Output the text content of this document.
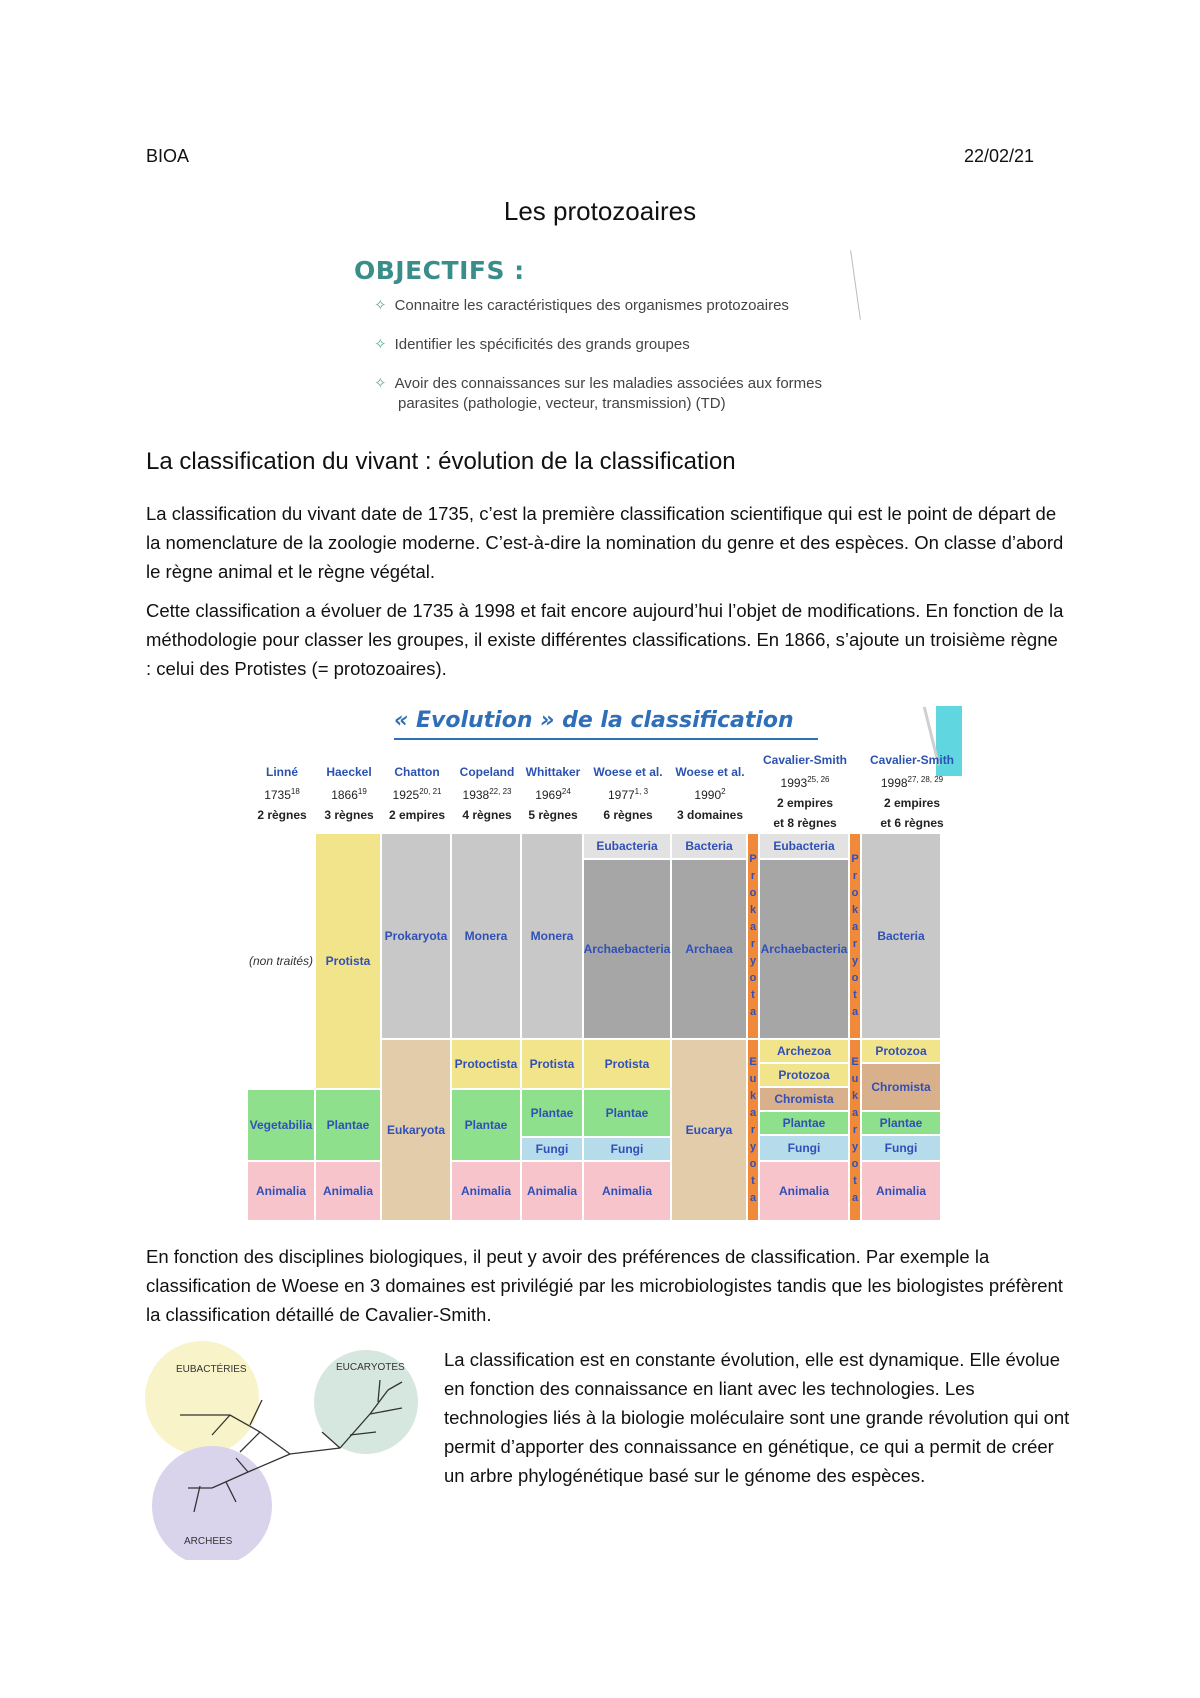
BIOA	22/02/21
Les protozoaires
OBJECTIFS :
✧ Connaitre les caractéristiques des organismes protozoaires
✧ Identifier les spécificités des grands groupes
✧ Avoir des connaissances sur les maladies associées aux formes
parasites (pathologie, vecteur, transmission) (TD)
La classification du vivant : évolution de la classification

La classification du vivant date de 1735, c’est la première classification scientifique qui est le point de départ de la nomenclature de la zoologie moderne. C’est-à-dire la nomination du genre et des espèces. On classe d’abord le règne animal et le règne végétal.

Cette classification a évoluer de 1735 à 1998 et fait encore aujourd’hui l’objet de modifications. En fonction de la méthodologie pour classer les groupes, il existe différentes classifications. En 1866, s’ajoute un troisième règne : celui des Protistes (= protozoaires).

« Evolution » de la classification
Linné
1735$^{18}$
2 règnes
Haeckel
1866$^{19}$
3 règnes
Chatton
1925$^{20, 21}$
2 empires
Copeland
1938$^{22, 23}$
4 règnes
Whittaker
1969$^{24}$
5 règnes
Woese et al.
1977$^{1, 3}$
6 règnes
Woese et al.
1990$^2$
3 domaines
Cavalier-Smith
1993$^{25, 26}$
2 empires
et 8 règnes
Cavalier-Smith
1998$^{27, 28, 29}$
2 empires
et 6 règnes
(non traités)
Vegetabilia
Animalia
Protista
Plantae
Animalia
Prokaryota
Eukaryota
Monera
Protoctista
Plantae
Animalia
Monera
Protista
Plantae
Fungi
Animalia
Eubacteria
Archaebacteria
Protista
Plantae
Fungi
Animalia
Bacteria
Archaea
Eucarya
P
r
o
k
a
r
y
o
t
a
E
u
k
a
r
y
o
t
a
Eubacteria
Archaebacteria
Archezoa
Protozoa
Chromista
Plantae
Fungi
Animalia
P
r
o
k
a
r
y
o
t
a
E
u
k
a
r
y
o
t
a
Bacteria
Protozoa
Chromista
Plantae
Fungi
Animalia

En fonction des disciplines biologiques, il peut y avoir des préférences de classification. Par exemple la classification de Woese en 3 domaines est privilégié par les microbiologistes tandis que les biologistes préfèrent la classification détaillé de Cavalier-Smith.

EUBACTÉRIES	EUCARYOTES
ARCHEES
La classification est en constante évolution, elle est dynamique. Elle évolue en fonction des connaissance en liant avec les technologies. Les technologies liés à la biologie moléculaire sont une grande révolution qui ont permit d’apporter des connaissance en génétique, ce qui a permit de créer un arbre phylogénétique basé sur le génome des espèces.
